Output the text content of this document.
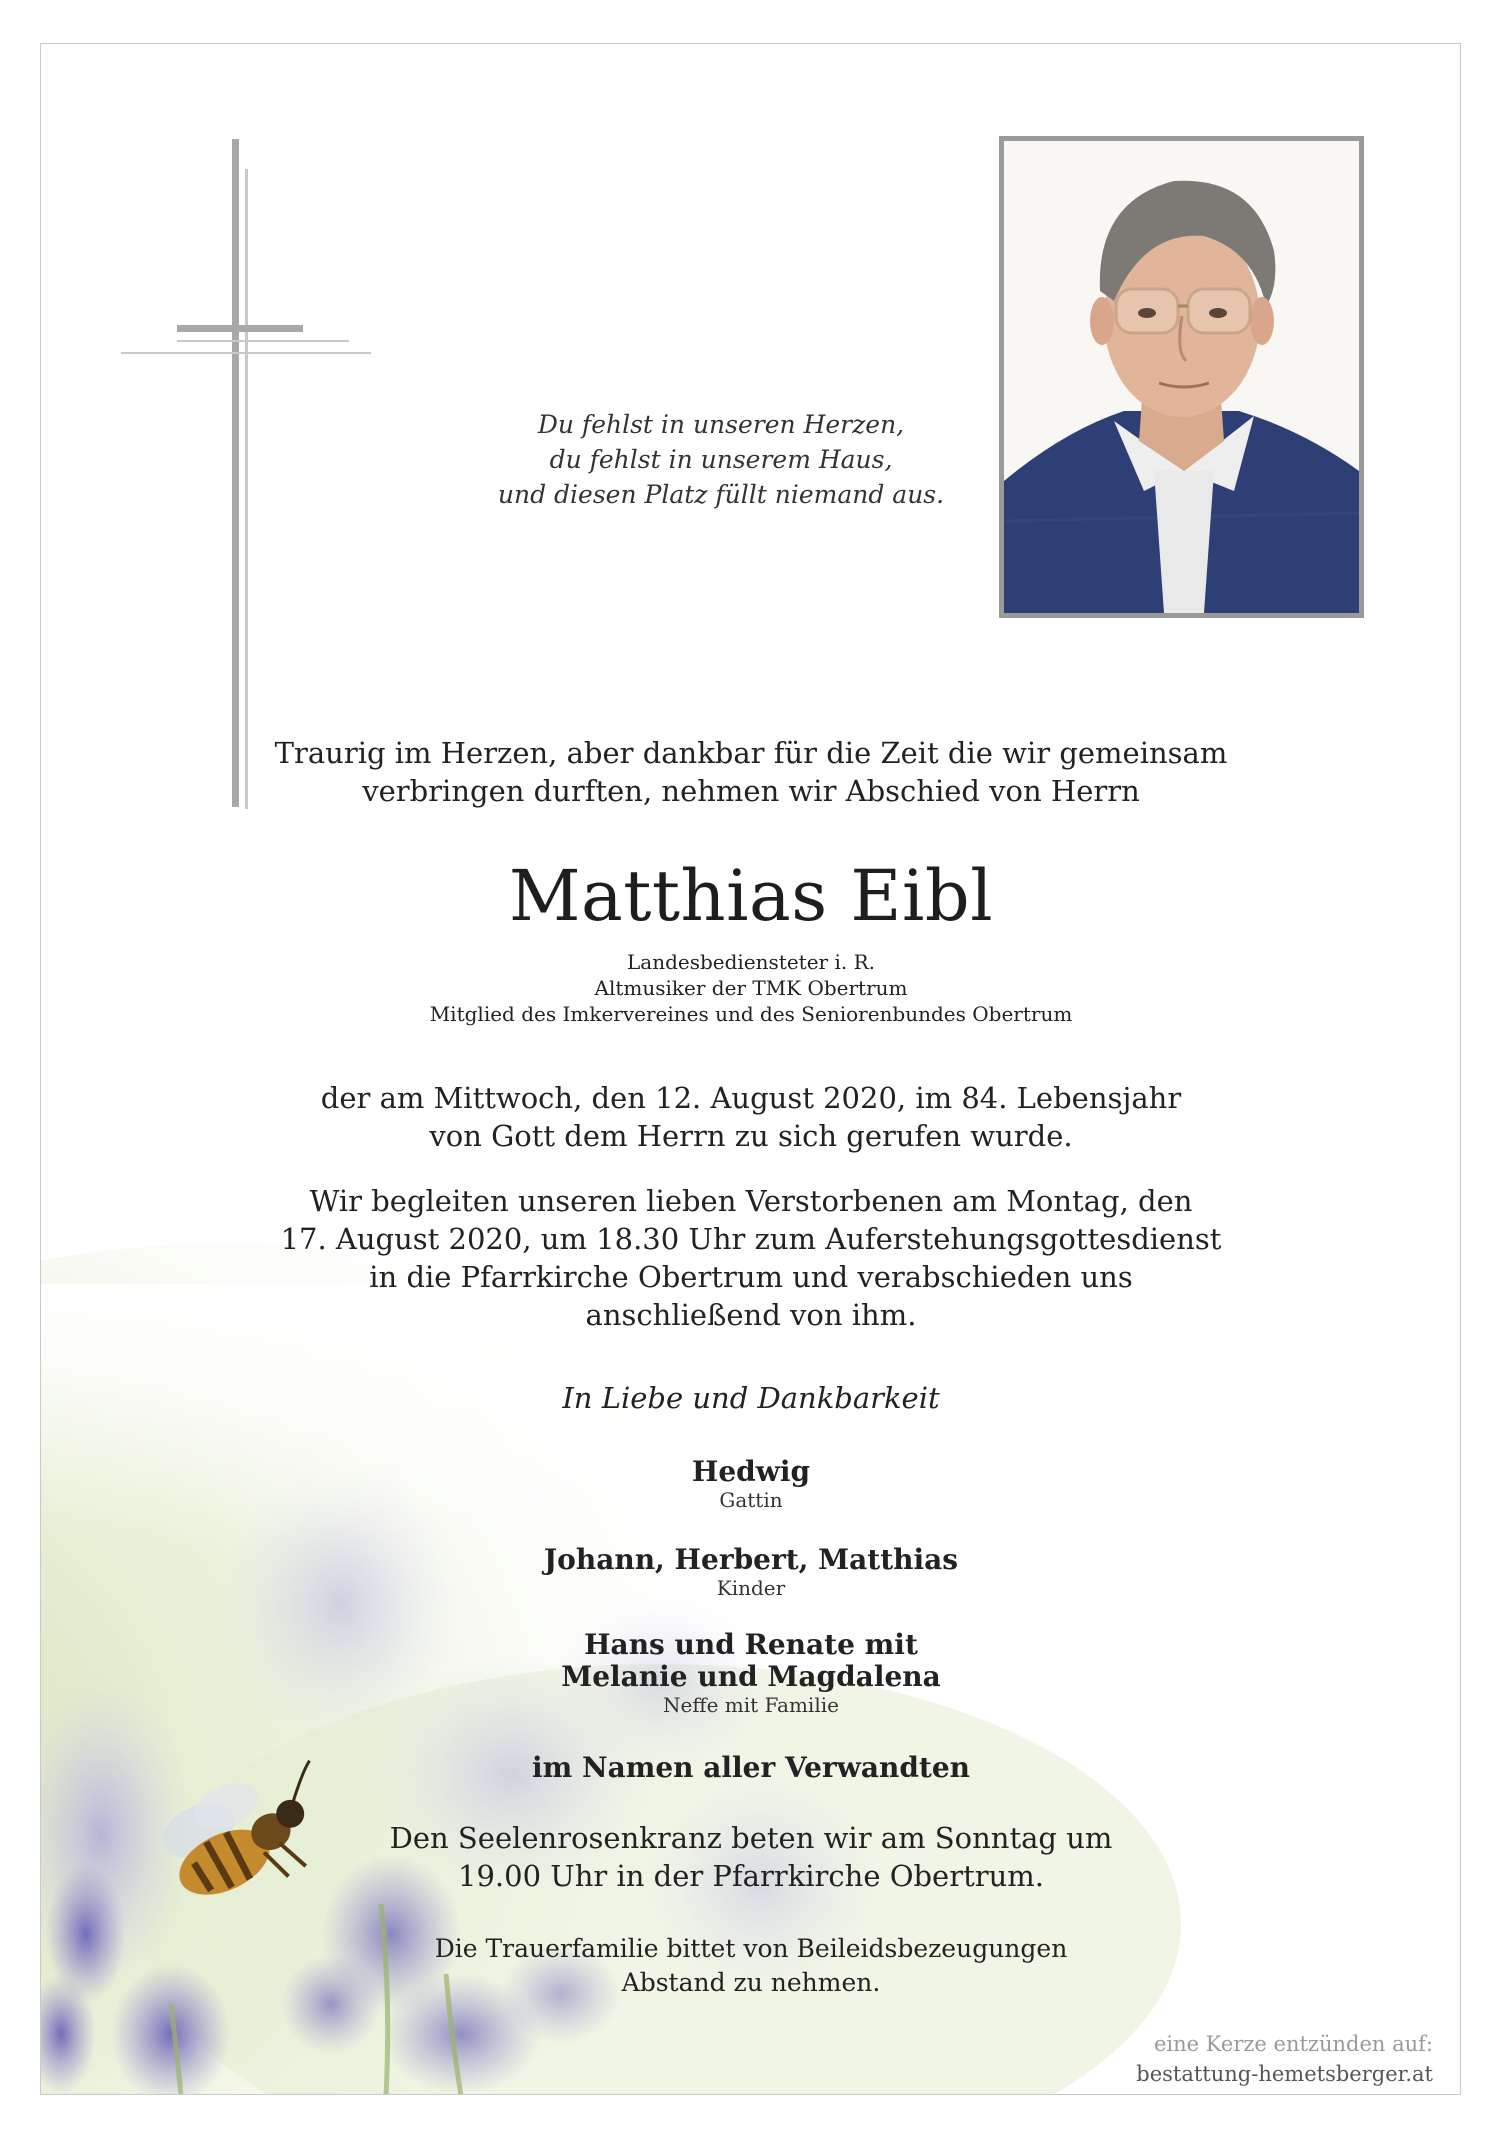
Du fehlst in unseren Herzen,
du fehlst in unserem Haus,
und diesen Platz füllt niemand aus.
Traurig im Herzen, aber dankbar für die Zeit die wir gemeinsam
verbringen durften, nehmen wir Abschied von Herrn
Matthias Eibl
Landesbediensteter i. R.
Altmusiker der TMK Obertrum
Mitglied des Imkervereines und des Seniorenbundes Obertrum
der am Mittwoch, den 12. August 2020, im 84. Lebensjahr
von Gott dem Herrn zu sich gerufen wurde.
Wir begleiten unseren lieben Verstorbenen am Montag, den
17. August 2020, um 18.30 Uhr zum Auferstehungsgottesdienst
in die Pfarrkirche Obertrum und verabschieden uns
anschließend von ihm.
In Liebe und Dankbarkeit
Hedwig
Gattin
Johann, Herbert, Matthias
Kinder
Hans und Renate mit
Melanie und Magdalena
Neffe mit Familie
im Namen aller Verwandten
Den Seelenrosenkranz beten wir am Sonntag um
19.00 Uhr in der Pfarrkirche Obertrum.
Die Trauerfamilie bittet von Beileidsbezeugungen
Abstand zu nehmen.
eine Kerze entzünden auf:
bestattung-hemetsberger.at
